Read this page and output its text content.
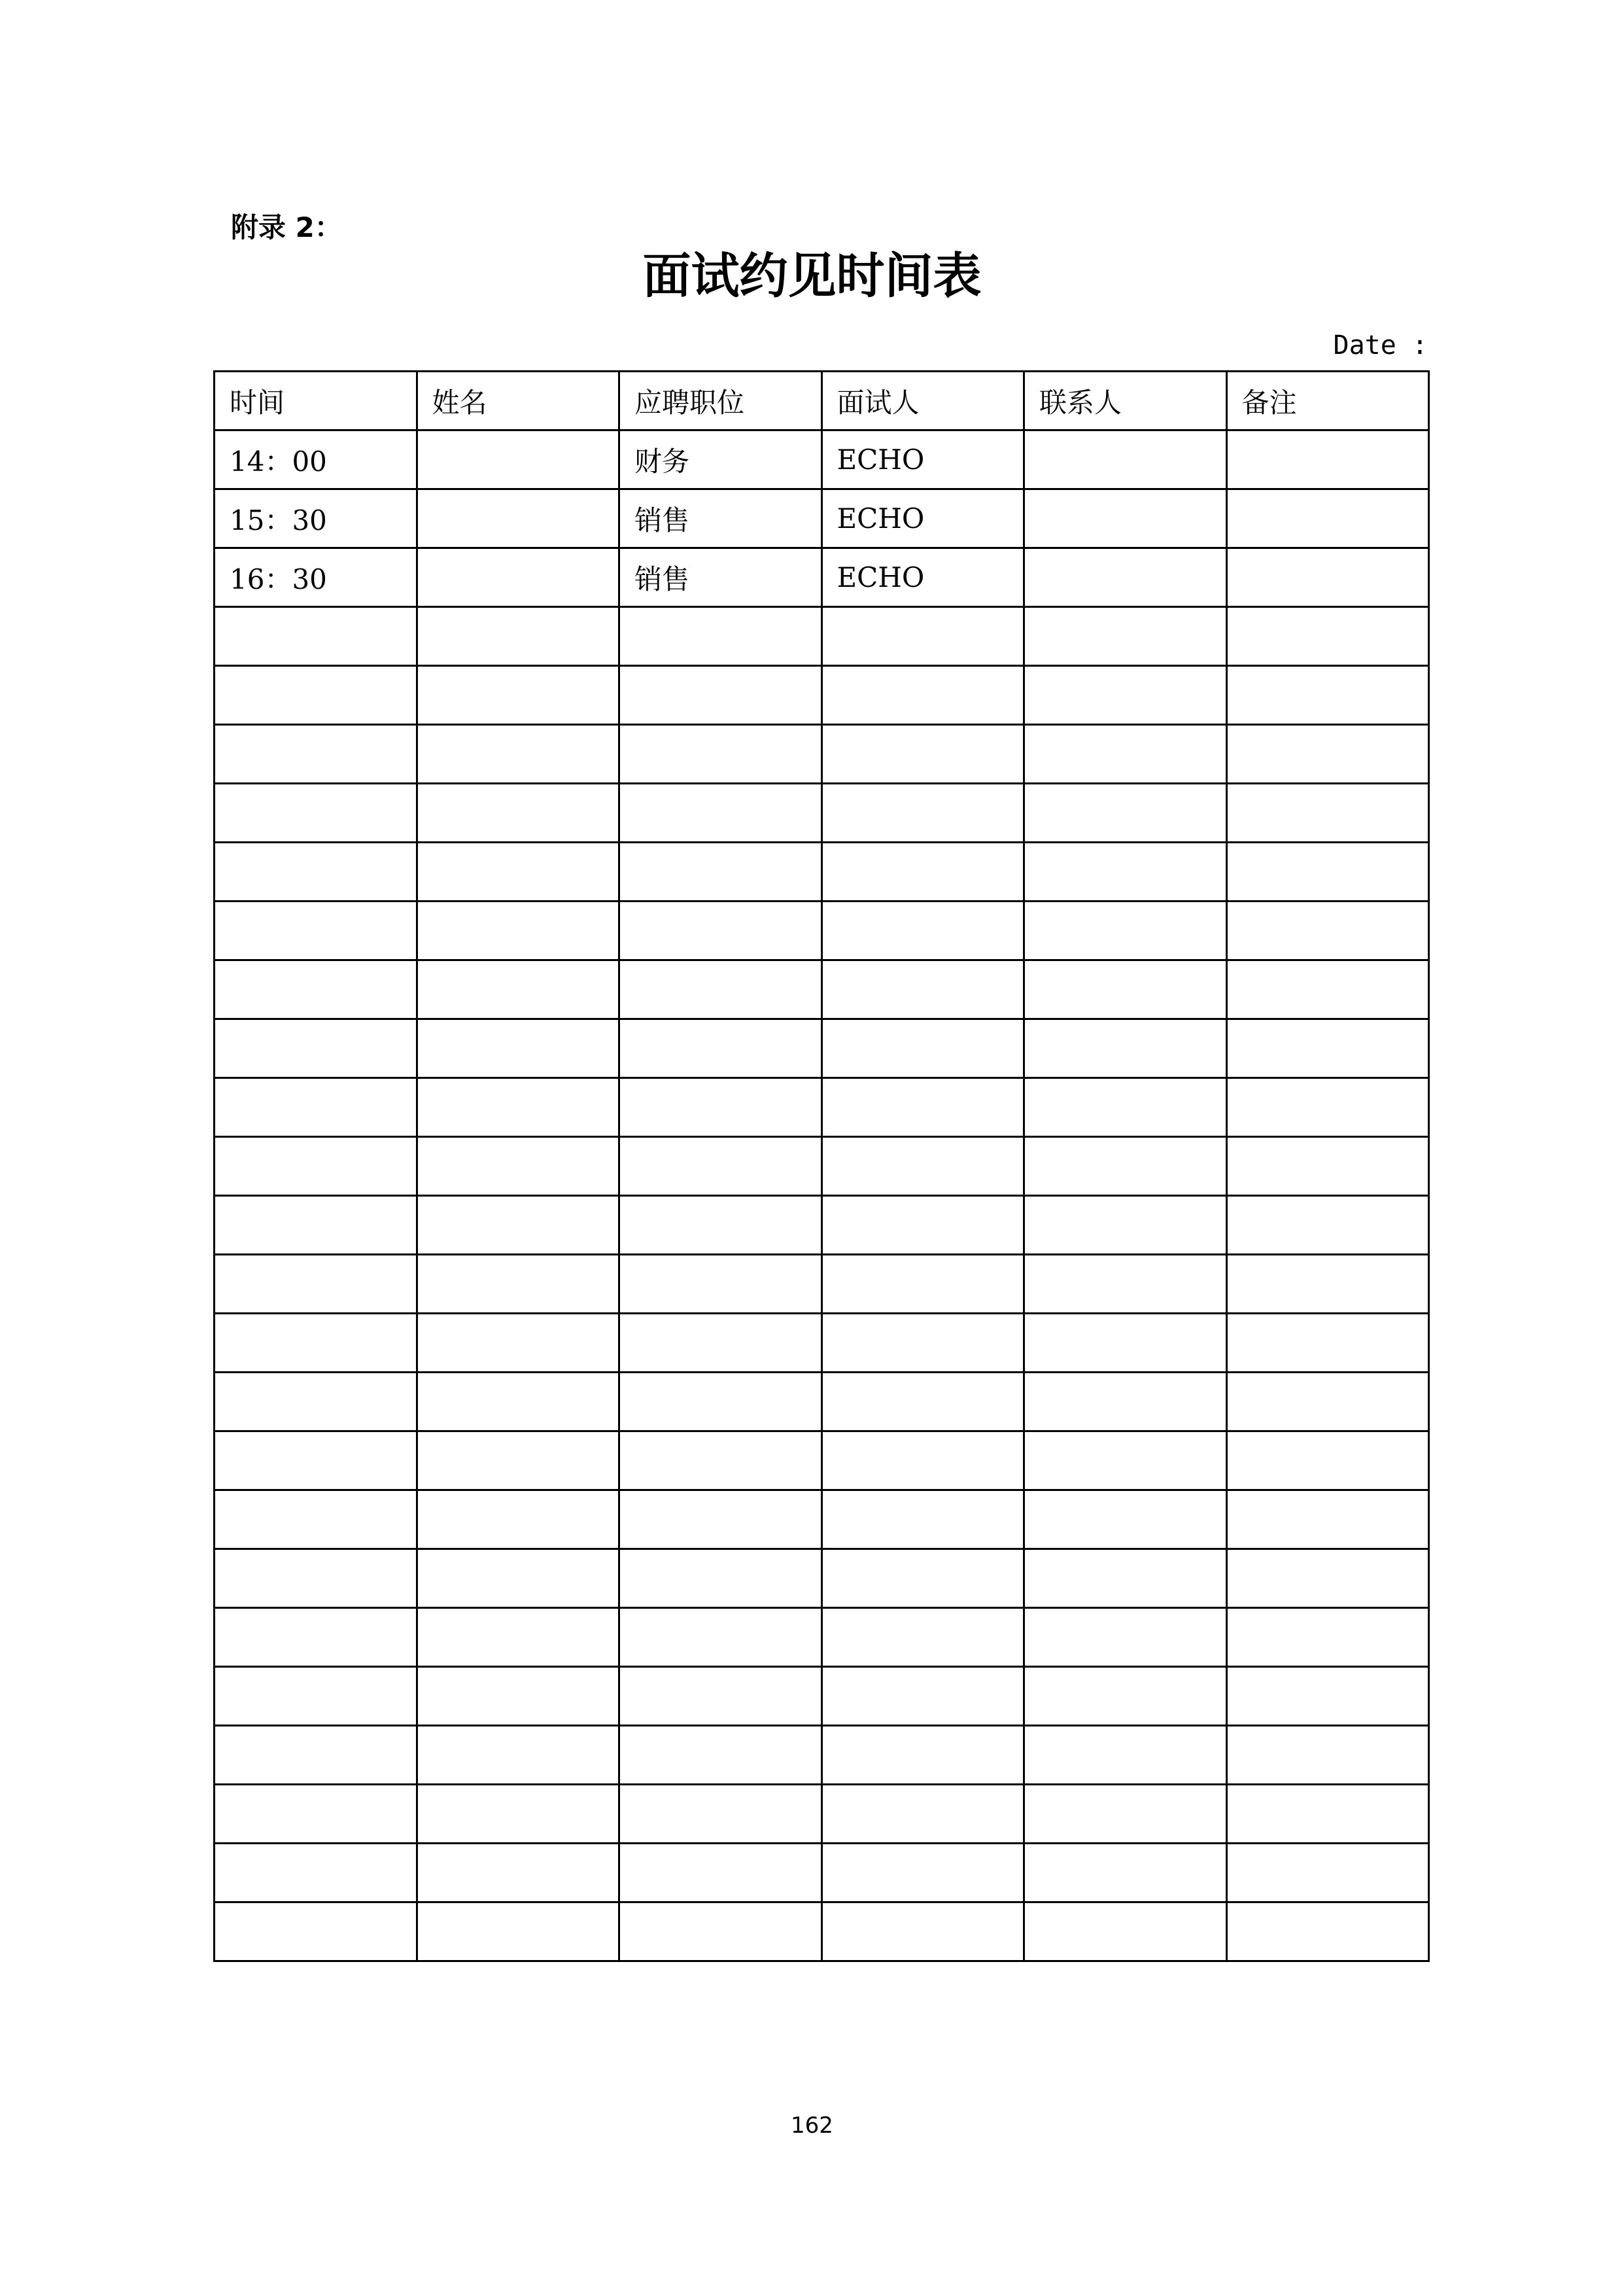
附录 2：
面试约见时间表
Date :
时间	姓名	应聘职位	面试人	联系人	备注
14：00		财务	ECHO		
15：30		销售	ECHO		
16：30		销售	ECHO		

162
